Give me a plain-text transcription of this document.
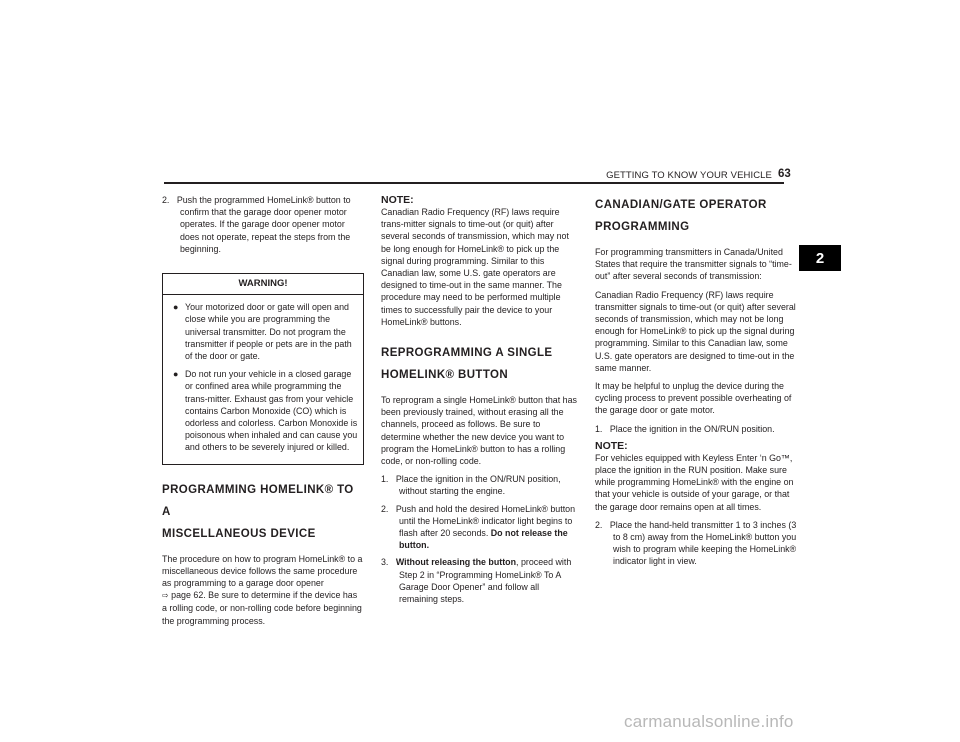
GETTING TO KNOW YOUR VEHICLE 63
2

2. Push the programmed HomeLink® button to confirm that the garage door opener motor operates. If the garage door opener motor does not operate, repeat the steps from the beginning.

WARNING!
● Your motorized door or gate will open and close while you are programming the universal transmitter. Do not program the transmitter if people or pets are in the path of the door or gate.
● Do not run your vehicle in a closed garage or confined area while programming the trans-mitter. Exhaust gas from your vehicle contains Carbon Monoxide (CO) which is odorless and colorless. Carbon Monoxide is poisonous when inhaled and can cause you and others to be severely injured or killed.
PROGRAMMING HOMELINK® TO A
MISCELLANEOUS DEVICE

The procedure on how to program HomeLink® to a miscellaneous device follows the same procedure as programming to a garage door opener
⇨ page 62. Be sure to determine if the device has a rolling code, or non-rolling code before beginning the programming process.

NOTE:
Canadian Radio Frequency (RF) laws require trans-mitter signals to time-out (or quit) after several seconds of transmission, which may not be long enough for HomeLink® to pick up the signal during programming. Similar to this Canadian law, some U.S. gate operators are designed to time-out in the same manner. The procedure may need to be performed multiple times to successfully pair the device to your HomeLink® buttons.
REPROGRAMMING A SINGLE
HOMELINK® BUTTON

To reprogram a single HomeLink® button that has been previously trained, without erasing all the channels, proceed as follows. Be sure to determine whether the new device you want to program the HomeLink® button to has a rolling code, or non-rolling code.

1. Place the ignition in the ON/RUN position, without starting the engine.

2. Push and hold the desired HomeLink® button until the HomeLink® indicator light begins to flash after 20 seconds. Do not release the button.

3. Without releasing the button, proceed with Step 2 in “Programming HomeLink® To A Garage Door Opener” and follow all remaining steps.

CANADIAN/GATE OPERATOR
PROGRAMMING

For programming transmitters in Canada/United States that require the transmitter signals to “time-out” after several seconds of transmission:

Canadian Radio Frequency (RF) laws require transmitter signals to time-out (or quit) after several seconds of transmission, which may not be long enough for HomeLink® to pick up the signal during programming. Similar to this Canadian law, some U.S. gate operators are designed to time-out in the same manner.

It may be helpful to unplug the device during the cycling process to prevent possible overheating of the garage door or gate motor.

1. Place the ignition in the ON/RUN position.

NOTE:
For vehicles equipped with Keyless Enter ‘n Go™, place the ignition in the RUN position. Make sure while programming HomeLink® with the engine on that your vehicle is outside of your garage, or that the garage door remains open at all times.

2. Place the hand-held transmitter 1 to 3 inches (3 to 8 cm) away from the HomeLink® button you wish to program while keeping the HomeLink® indicator light in view.

carmanualsonline.info
